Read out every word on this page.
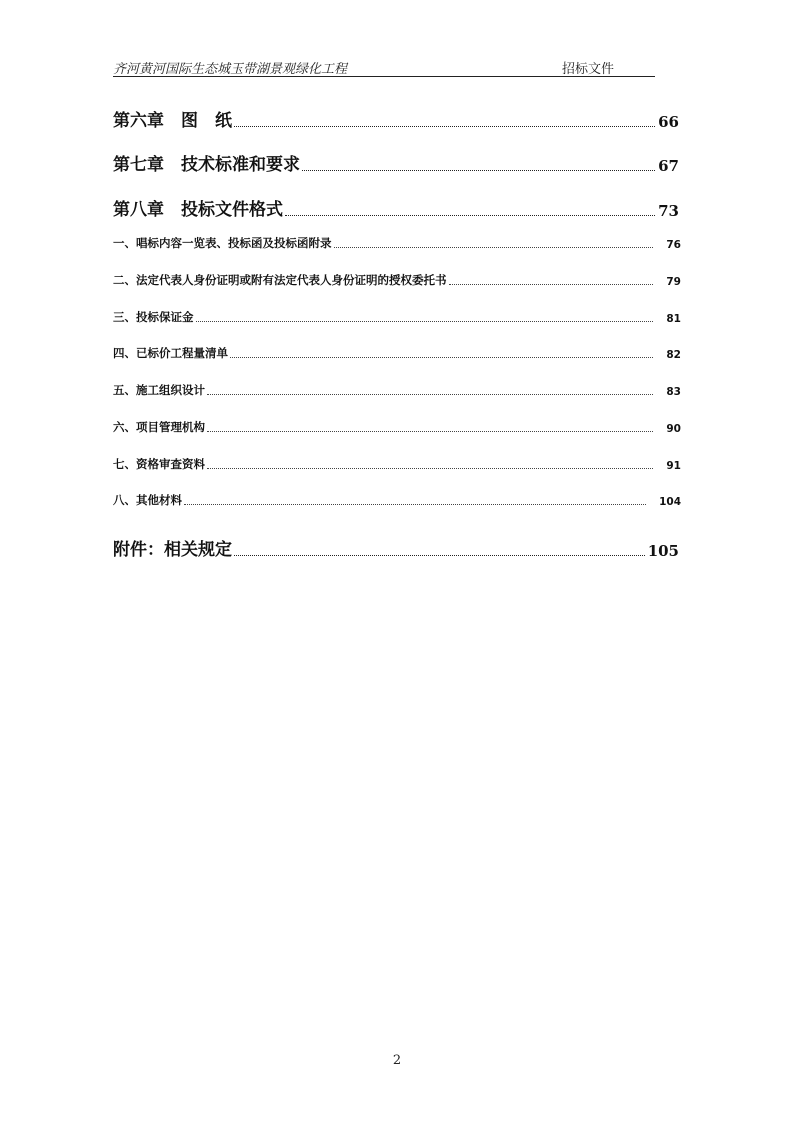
齐河黄河国际生态城玉带湖景观绿化工程	招标文件
第六章　图　纸	66
第七章　技术标准和要求	67
第八章　投标文件格式	73
一、唱标内容一览表、投标函及投标函附录	76
二、法定代表人身份证明或附有法定代表人身份证明的授权委托书	79
三、投标保证金	81
四、已标价工程量清单	82
五、施工组织设计	83
六、项目管理机构	90
七、资格审查资料	91
八、其他材料	104
附件：相关规定	105
2
